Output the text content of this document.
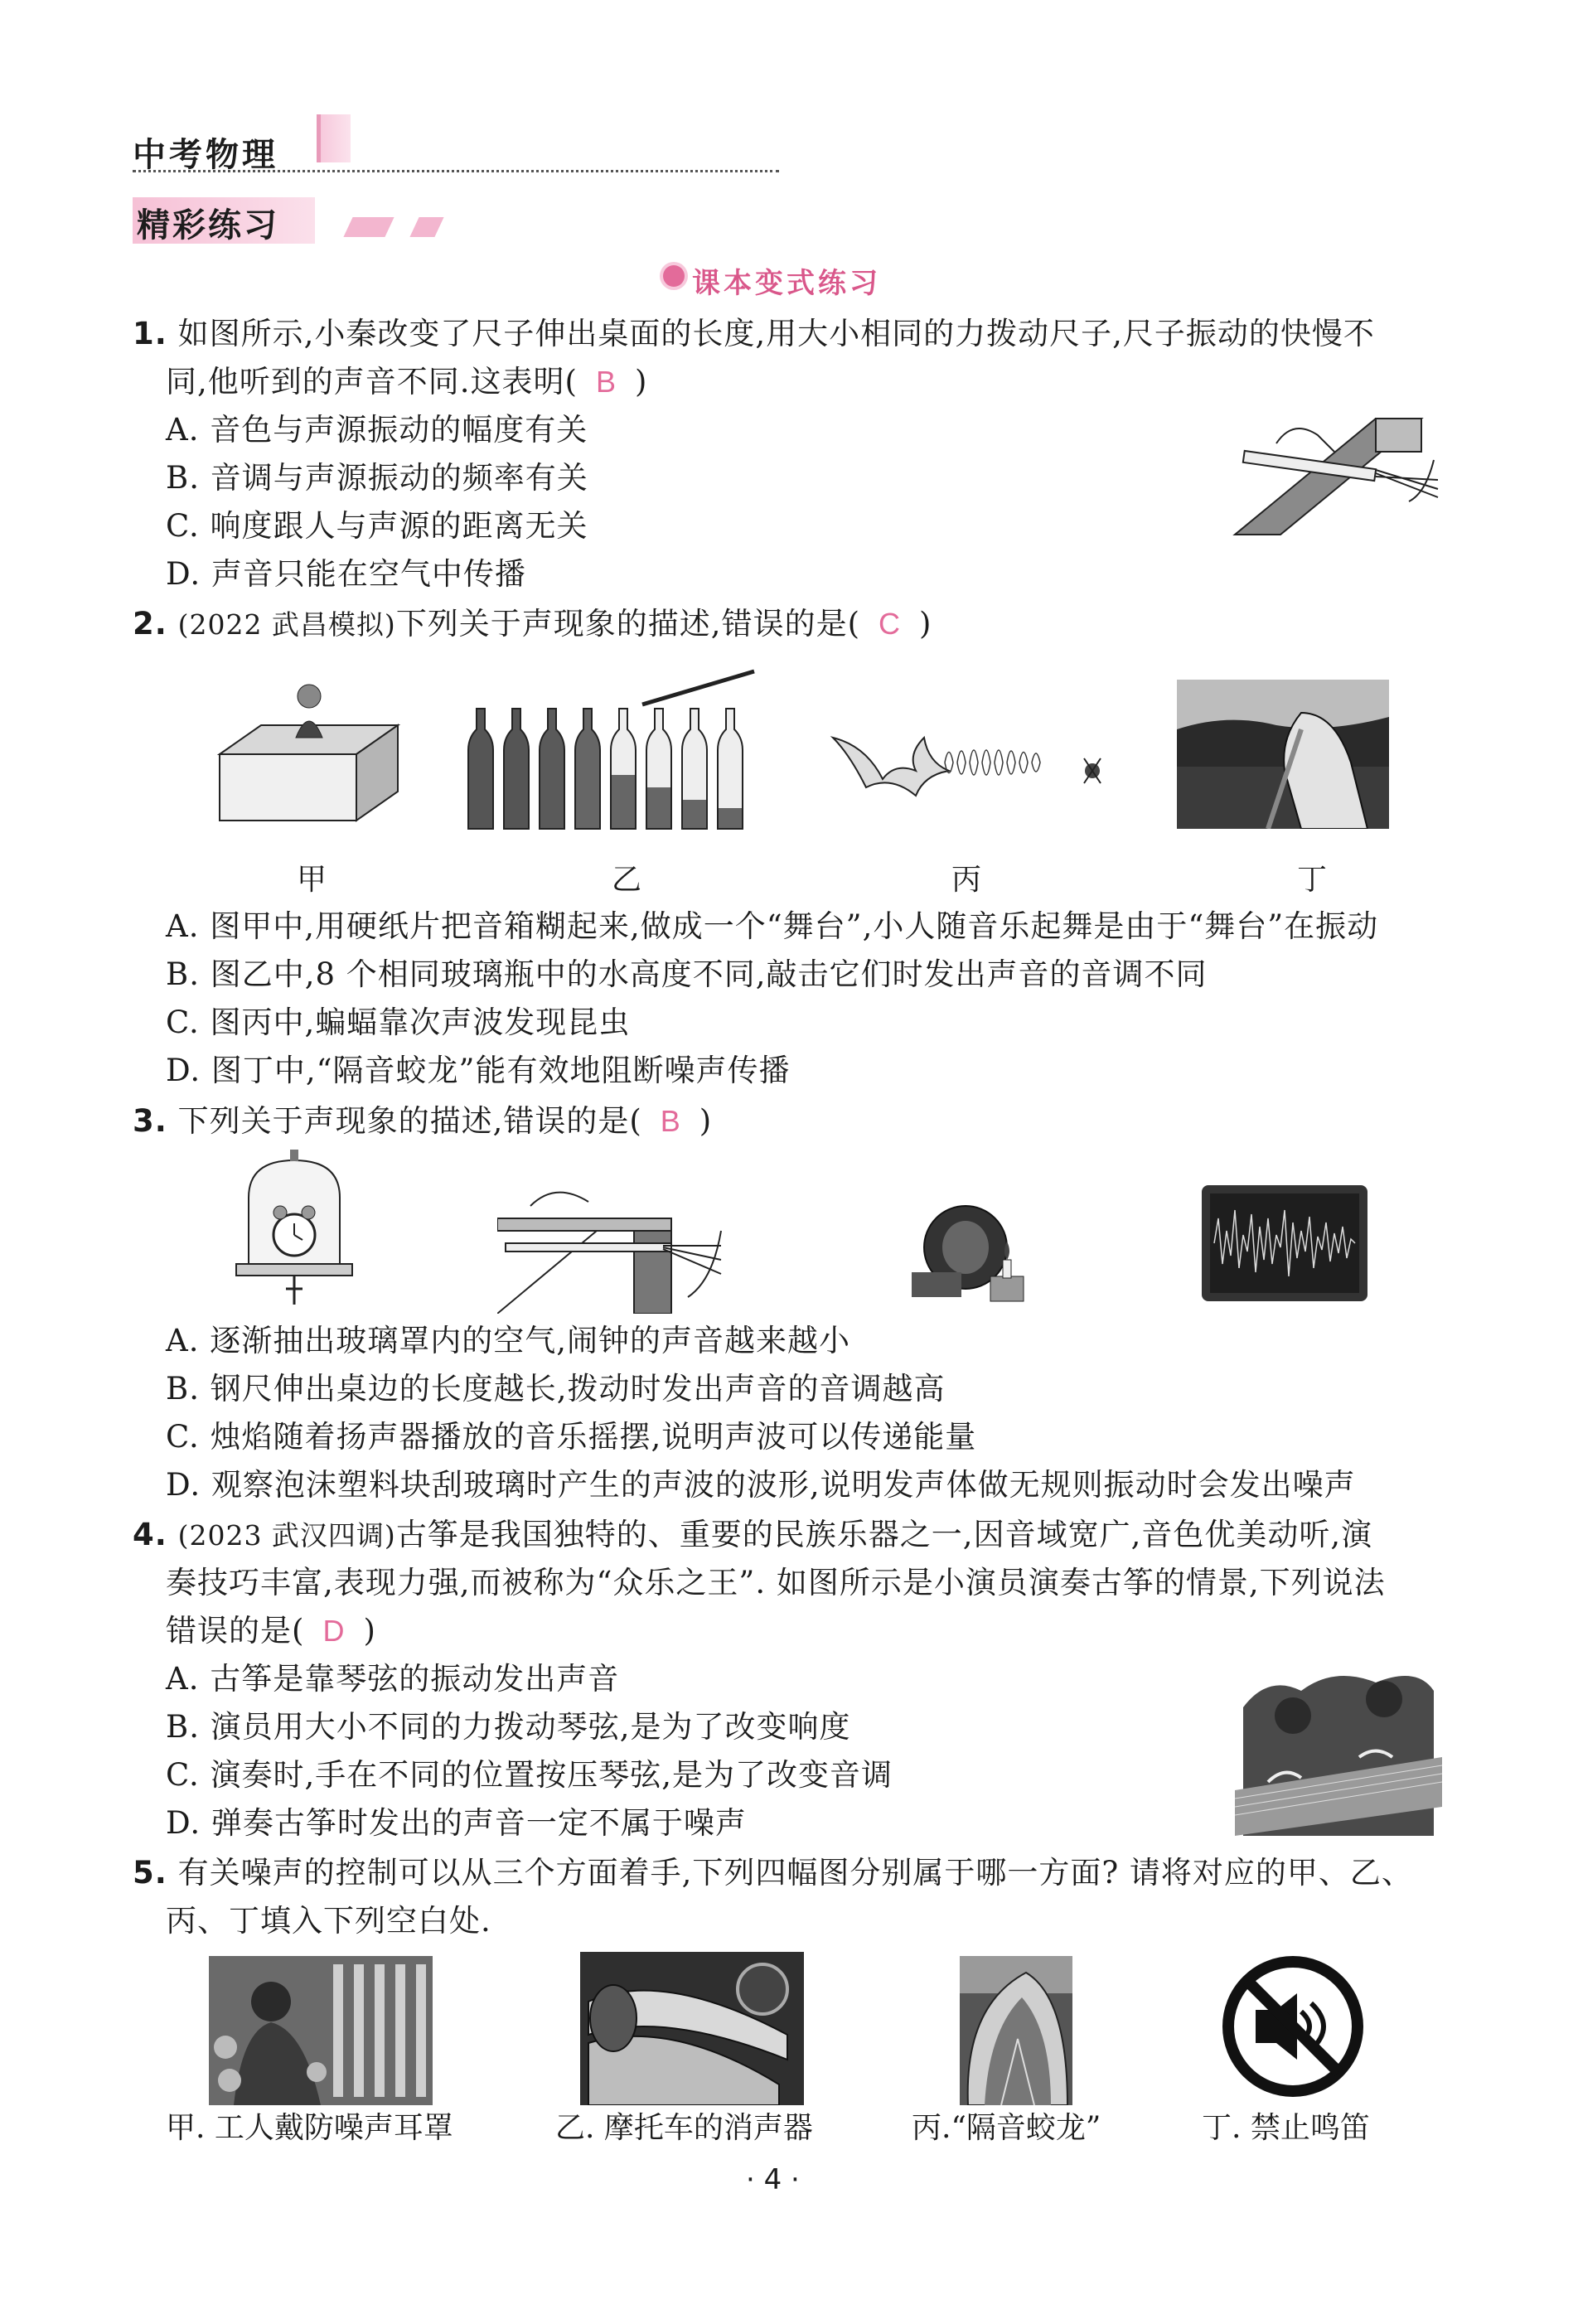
中考物理
精彩练习
课本变式练习
1. 如图所示,小秦改变了尺子伸出桌面的长度,用大小相同的力拨动尺子,尺子振动的快慢不
同,他听到的声音不同.这表明( B )
A. 音色与声源振动的幅度有关
B. 音调与声源振动的频率有关
C. 响度跟人与声源的距离无关
D. 声音只能在空气中传播
2. (2022 武昌模拟)下列关于声现象的描述,错误的是( C )
甲	乙	丙	丁
A. 图甲中,用硬纸片把音箱糊起来,做成一个“舞台”,小人随音乐起舞是由于“舞台”在振动
B. 图乙中,8 个相同玻璃瓶中的水高度不同,敲击它们时发出声音的音调不同
C. 图丙中,蝙蝠靠次声波发现昆虫
D. 图丁中,“隔音蛟龙”能有效地阻断噪声传播
3. 下列关于声现象的描述,错误的是( B )
A. 逐渐抽出玻璃罩内的空气,闹钟的声音越来越小
B. 钢尺伸出桌边的长度越长,拨动时发出声音的音调越高
C. 烛焰随着扬声器播放的音乐摇摆,说明声波可以传递能量
D. 观察泡沫塑料块刮玻璃时产生的声波的波形,说明发声体做无规则振动时会发出噪声
4. (2023 武汉四调)古筝是我国独特的、重要的民族乐器之一,因音域宽广,音色优美动听,演
奏技巧丰富,表现力强,而被称为“众乐之王”. 如图所示是小演员演奏古筝的情景,下列说法
错误的是( D )
A. 古筝是靠琴弦的振动发出声音
B. 演员用大小不同的力拨动琴弦,是为了改变响度
C. 演奏时,手在不同的位置按压琴弦,是为了改变音调
D. 弹奏古筝时发出的声音一定不属于噪声
5. 有关噪声的控制可以从三个方面着手,下列四幅图分别属于哪一方面? 请将对应的甲、乙、
丙、丁填入下列空白处.
甲. 工人戴防噪声耳罩	乙. 摩托车的消声器	丙.“隔音蛟龙”	丁. 禁止鸣笛
· 4 ·
